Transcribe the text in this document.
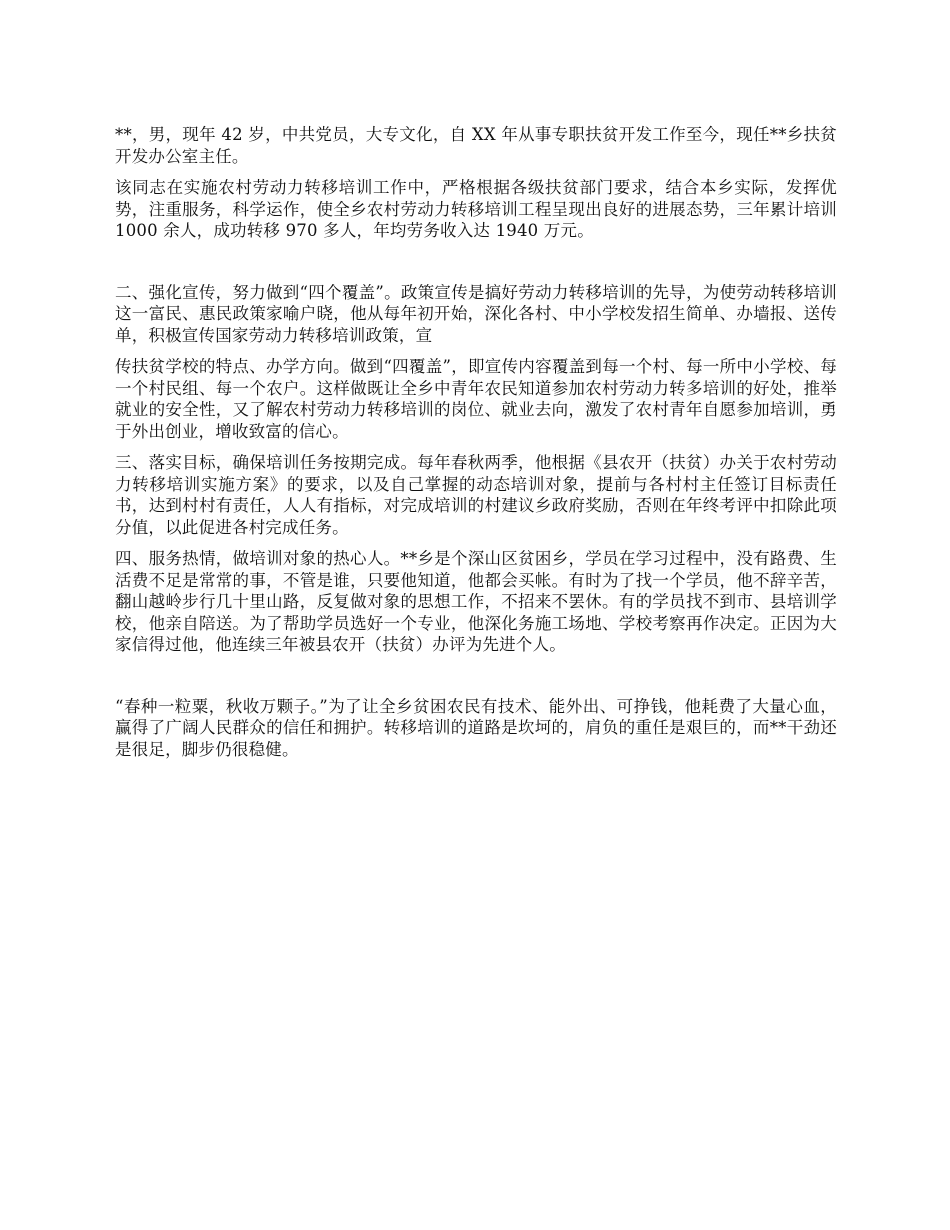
**，男，现年 42 岁，中共党员，大专文化，自 XX 年从事专职扶贫开发工作至今，现任**乡扶贫开发办公室主任。

该同志在实施农村劳动力转移培训工作中，严格根据各级扶贫部门要求，结合本乡实际，发挥优势，注重服务，科学运作，使全乡农村劳动力转移培训工程呈现出良好的进展态势，三年累计培训 1000 余人，成功转移 970 多人，年均劳务收入达 1940 万元。

二、强化宣传，努力做到“四个覆盖”。政策宣传是搞好劳动力转移培训的先导，为使劳动转移培训这一富民、惠民政策家喻户晓，他从每年初开始，深化各村、中小学校发招生简单、办墙报、送传单，积极宣传国家劳动力转移培训政策，宣

传扶贫学校的特点、办学方向。做到“四覆盖”，即宣传内容覆盖到每一个村、每一所中小学校、每一个村民组、每一个农户。这样做既让全乡中青年农民知道参加农村劳动力转多培训的好处，推举就业的安全性，又了解农村劳动力转移培训的岗位、就业去向，激发了农村青年自愿参加培训，勇于外出创业，增收致富的信心。

三、落实目标，确保培训任务按期完成。每年春秋两季，他根据《县农开（扶贫）办关于农村劳动力转移培训实施方案》的要求，以及自己掌握的动态培训对象，提前与各村村主任签订目标责任书，达到村村有责任，人人有指标，对完成培训的村建议乡政府奖励，否则在年终考评中扣除此项分值，以此促进各村完成任务。

四、服务热情，做培训对象的热心人。**乡是个深山区贫困乡，学员在学习过程中，没有路费、生活费不足是常常的事，不管是谁，只要他知道，他都会买帐。有时为了找一个学员，他不辞辛苦，翻山越岭步行几十里山路，反复做对象的思想工作，不招来不罢休。有的学员找不到市、县培训学校，他亲自陪送。为了帮助学员选好一个专业，他深化务施工场地、学校考察再作决定。正因为大家信得过他，他连续三年被县农开（扶贫）办评为先进个人。

“春种一粒粟，秋收万颗子。”为了让全乡贫困农民有技术、能外出、可挣钱，他耗费了大量心血，赢得了广阔人民群众的信任和拥护。转移培训的道路是坎坷的，肩负的重任是艰巨的，而**干劲还是很足，脚步仍很稳健。
